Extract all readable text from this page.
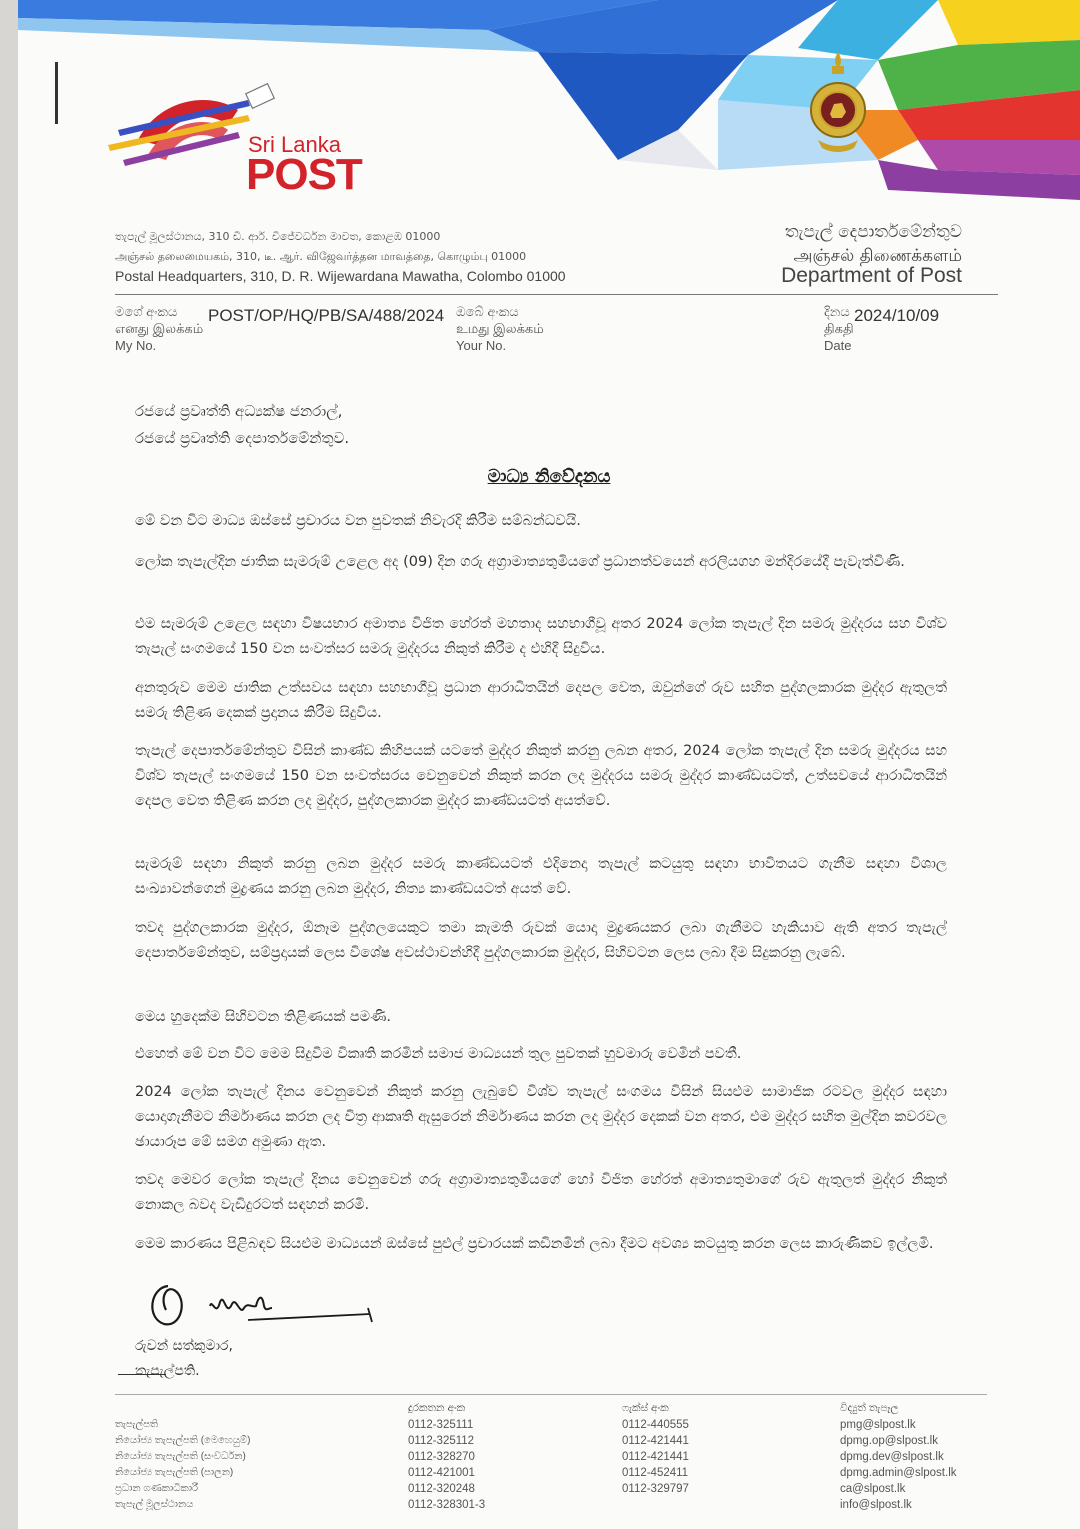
Sri Lanka
POST
තැපැල් මූලස්ථානය, 310 ඩී. ආර්. විජේවර්ධන මාවත, කොළඹ 01000
அஞ்சல் தலைமையகம், 310, டீ. ஆர். விஜேவர்த்தன மாவத்தை, கொழும்பு 01000
Postal Headquarters, 310, D. R. Wijewardana Mawatha, Colombo 01000
තැපැල් දෙපාර්තමේන්තුව
அஞ்சல் திணைக்களம்
Department of Post
මගේ අංකය
எனது இலக்கம்
My No.
POST/OP/HQ/PB/SA/488/2024 ඔබේ අංකය
உமது இலக்கம்
Your No.
දිනය
திகதி
Date
2024/10/09
රජයේ ප්‍රවෘත්ති අධ්‍යක්ෂ ජනරාල්,
රජයේ ප්‍රවෘත්ති දෙපාර්තමේන්තුව.
මාධ්‍ය නිවේදනය

මේ වන විට මාධ්‍ය ඔස්සේ ප්‍රචාරය වන පුවතක් නිවැරදි කිරීම සම්බන්ධවයි.

ලෝක තැපැල්දින ජාතික සැමරුම් උළෙල අද (09) දින ගරු අග්‍රාමාත්‍යතුමියගේ ප්‍රධානත්වයෙන් අරලියගහ මන්දිරයේදී පැවැත්විණි.

එම සැමරුම් උළෙල සඳහා විෂයභාර අමාත්‍ය විජිත හේරත් මහතාද සහභාගීවූ අතර 2024 ලෝක තැපැල් දින සමරු මුද්දරය සහ විශ්ව තැපැල් සංගමයේ 150 වන සංවත්සර සමරු මුද්දරය නිකුත් කිරීම ද එහිදී සිදුවිය.

අනතුරුව මෙම ජාතික උත්සවය සඳහා සහභාගීවූ ප්‍රධාන ආරාධිතයින් දෙපල වෙත, ඔවුන්ගේ රුව සහිත පුද්ගලකාරක මුද්දර ඇතුලත් සමරු තිළිණ දෙකක් ප්‍රදානය කිරීම සිදුවිය.

තැපැල් දෙපාර්තමේන්තුව විසින් කාණ්ඩ කිහිපයක් යටතේ මුද්දර නිකුත් කරනු ලබන අතර, 2024 ලෝක තැපැල් දින සමරු මුද්දරය සහ විශ්ව තැපැල් සංගමයේ 150 වන සංවත්සරය වෙනුවෙන් නිකුත් කරන ලද මුද්දරය සමරු මුද්දර කාණ්ඩයටත්, උත්සවයේ ආරාධිතයින් දෙපල වෙත තිළිණ කරන ලද මුද්දර, පුද්ගලකාරක මුද්දර කාණ්ඩයටත් අයත්වේ.

සැමරුම් සඳහා නිකුත් කරනු ලබන මුද්දර සමරු කාණ්ඩයටත් එදිනෙදා තැපැල් කටයුතු සඳහා භාවිතයට ගැනීම සඳහා විශාල සංඛ්‍යාවන්ගෙන් මුද්‍රණය කරනු ලබන මුද්දර, නිත්‍ය කාණ්ඩයටත් අයත් වේ.

තවද පුද්ගලකාරක මුද්දර, ඕනෑම පුද්ගලයෙකුට තමා කැමති රුවක් යොදා මුද්‍රණයකර ලබා ගැනීමට හැකියාව ඇති අතර තැපැල් දෙපාර්තමේන්තුව, සම්ප්‍රදායක් ලෙස විශේෂ අවස්ථාවන්හිදී පුද්ගලකාරක මුද්දර, සිහිවටන ලෙස ලබා දීම සිදුකරනු ලැබේ.

මෙය හුදෙක්ම සිහිවටන තිළිණයක් පමණි.

එහෙත් මේ වන විට මෙම සිදුවීම විකෘති කරමින් සමාජ මාධ්‍යයන් තුල පුවතක් හුවමාරු වෙමින් පවතී.

2024 ලෝක තැපැල් දිනය වෙනුවෙන් නිකුත් කරනු ලැබුවේ විශ්ව තැපැල් සංගමය විසින් සියළුම සාමාජික රටවල මුද්දර සඳහා යොදාගැනීමට නිර්මාණය කරන ලද චිත්‍ර ආකෘති ඇසුරෙන් නිර්මාණය කරන ලද මුද්දර දෙකක් වන අතර, එම මුද්දර සහිත මුල්දින කවරවල ඡායාරූප මේ සමග අමුණා ඇත.

තවද මෙවර ලෝක තැපැල් දිනය වෙනුවෙන් ගරු අග්‍රාමාත්‍යතුමියගේ හෝ විජිත හේරත් අමාත්‍යතුමාගේ රුව ඇතුලත් මුද්දර නිකුත් නොකල බවද වැඩිදුරටත් සඳහන් කරමි.

මෙම කාරණය පිළිබඳව සියළුම මාධ්‍යයන් ඔස්සේ පුළුල් ප්‍රචාරයක් කඩිනමින් ලබා දීමට අවශ්‍ය කටයුතු කරන ලෙස කාරුණිකව ඉල්ලමි.

රුවන් සත්කුමාර,
තැපැල්පති.
තැපැල්පති
නියෝජ්‍ය තැපැල්පති (මෙහෙයුම්)
නියෝජ්‍ය තැපැල්පති (සංවර්ධන)
නියෝජ්‍ය තැපැල්පති (පාලන)
ප්‍රධාන ගණකාධිකාරී
තැපැල් මූලස්ථානය
දුරකතන අංක
0112-325111
0112-325112
0112-328270
0112-421001
0112-320248
0112-328301-3
ෆැක්ස් අංක
0112-440555
0112-421441
0112-421441
0112-452411
0112-329797
විද්‍යුත් තැපෑල
pmg@slpost.lk
dpmg.op@slpost.lk
dpmg.dev@slpost.lk
dpmg.admin@slpost.lk
ca@slpost.lk
info@slpost.lk
